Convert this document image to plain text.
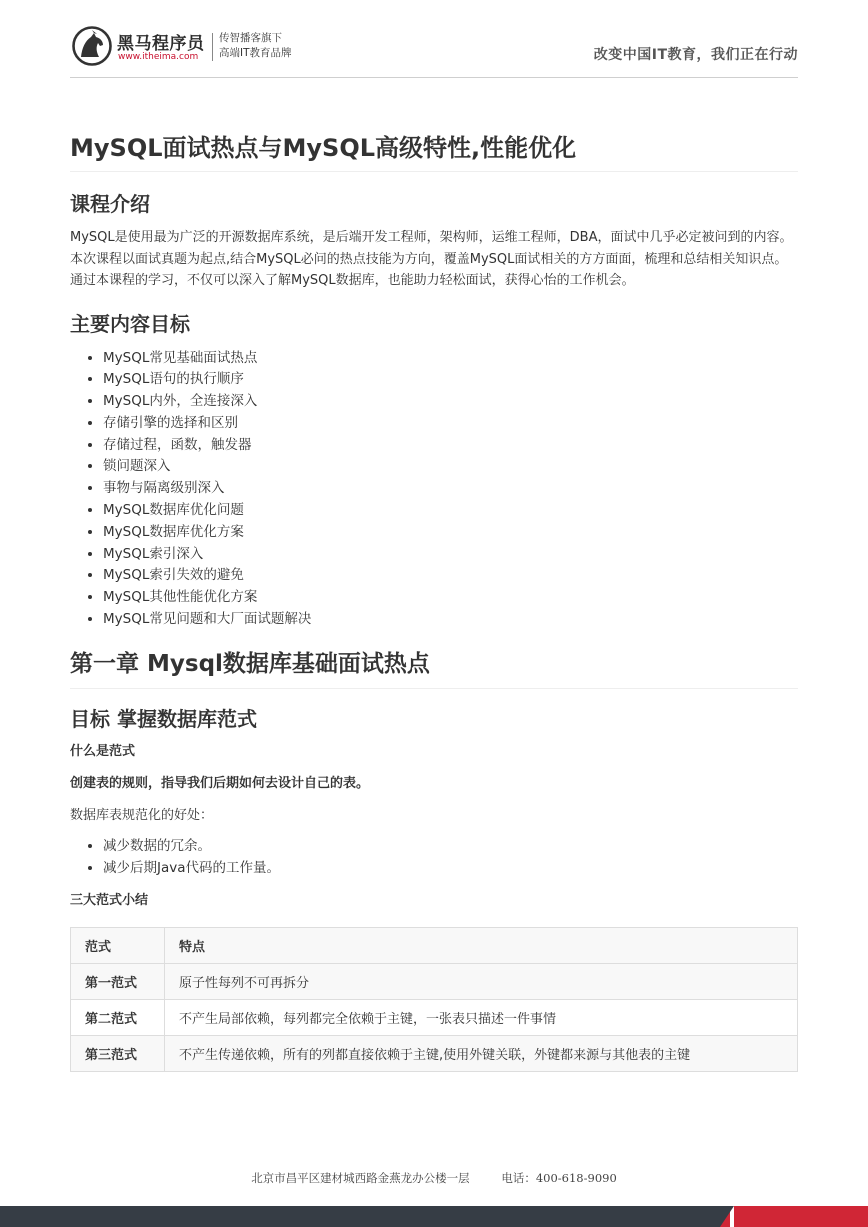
黑马程序员
www.itheima.com
传智播客旗下
高端IT教育品牌	改变中国IT教育，我们正在行动
MySQL面试热点与MySQL高级特性,性能优化
课程介绍

MySQL是使用最为广泛的开源数据库系统，是后端开发工程师，架构师，运维工程师，DBA，面试中几乎必定被问到的内容。本次课程以面试真题为起点,结合MySQL必问的热点技能为方向，覆盖MySQL面试相关的方方面面，梳理和总结相关知识点。 通过本课程的学习，不仅可以深入了解MySQL数据库，也能助力轻松面试，获得心怡的工作机会。

主要内容目标
• MySQL常见基础面试热点
• MySQL语句的执行顺序
• MySQL内外，全连接深入
• 存储引擎的选择和区别
• 存储过程，函数，触发器
• 锁问题深入
• 事物与隔离级别深入
• MySQL数据库优化问题
• MySQL数据库优化方案
• MySQL索引深入
• MySQL索引失效的避免
• MySQL其他性能优化方案
• MySQL常见问题和大厂面试题解决
第一章 Mysql数据库基础面试热点
目标 掌握数据库范式
什么是范式
创建表的规则，指导我们后期如何去设计自己的表。
数据库表规范化的好处：
• 减少数据的冗余。
• 减少后期Java代码的工作量。
三大范式小结
范式	特点
第一范式	原子性每列不可再拆分
第二范式	不产生局部依赖，每列都完全依赖于主键，一张表只描述一件事情
第三范式	不产生传递依赖，所有的列都直接依赖于主键,使用外键关联，外键都来源与其他表的主键
北京市昌平区建材城西路金燕龙办公楼一层	电话：400-618-9090
